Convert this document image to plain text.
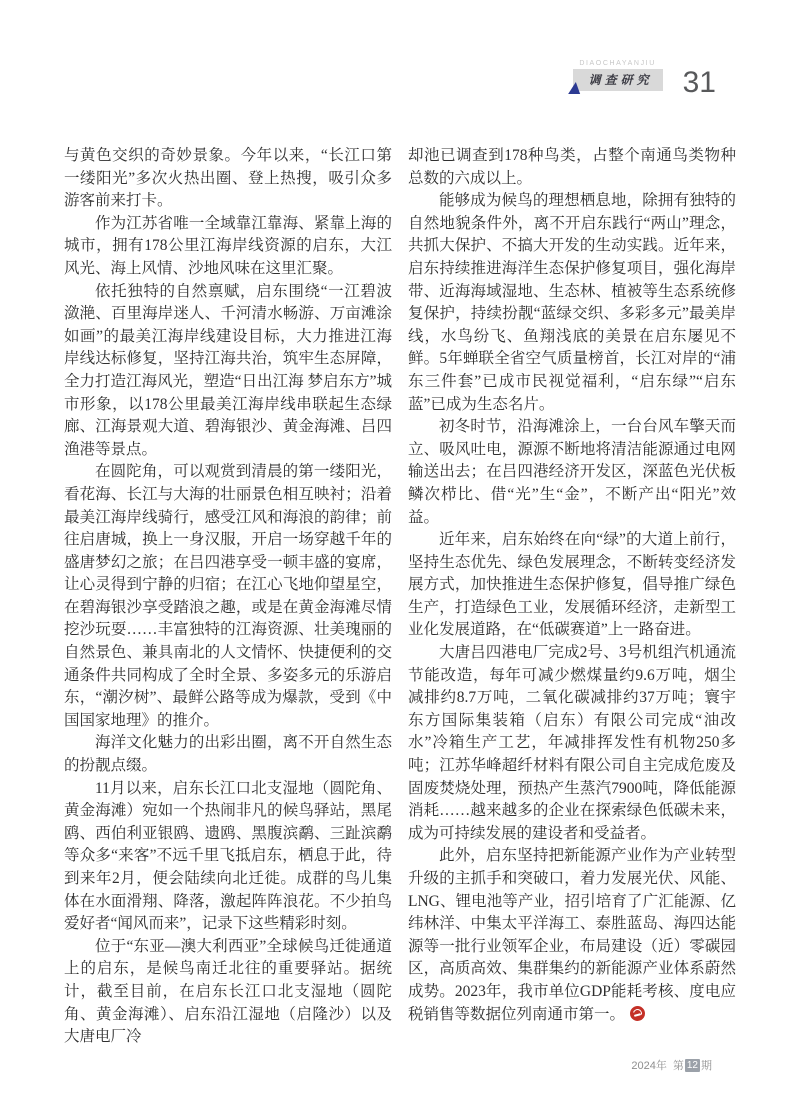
DIAOCHAYANJIU
调查研究	31

与黄色交织的奇妙景象。今年以来，“长江口第一缕阳光”多次火热出圈、登上热搜，吸引众多游客前来打卡。

作为江苏省唯一全域靠江靠海、紧靠上海的城市，拥有178公里江海岸线资源的启东，大江风光、海上风情、沙地风味在这里汇聚。

依托独特的自然禀赋，启东围绕“一江碧波潋滟、百里海岸迷人、千河清水畅游、万亩滩涂如画”的最美江海岸线建设目标，大力推进江海岸线达标修复，坚持江海共治，筑牢生态屏障，全力打造江海风光，塑造“日出江海 梦启东方”城市形象，以178公里最美江海岸线串联起生态绿廊、江海景观大道、碧海银沙、黄金海滩、吕四渔港等景点。

在圆陀角，可以观赏到清晨的第一缕阳光，看花海、长江与大海的壮丽景色相互映衬；沿着最美江海岸线骑行，感受江风和海浪的韵律；前往启唐城，换上一身汉服，开启一场穿越千年的盛唐梦幻之旅；在吕四港享受一顿丰盛的宴席，让心灵得到宁静的归宿；在江心飞地仰望星空，在碧海银沙享受踏浪之趣，或是在黄金海滩尽情挖沙玩耍……丰富独特的江海资源、壮美瑰丽的自然景色、兼具南北的人文情怀、快捷便利的交通条件共同构成了全时全景、多姿多元的乐游启东，“潮汐树”、最鲜公路等成为爆款，受到《中国国家地理》的推介。

海洋文化魅力的出彩出圈，离不开自然生态的扮靓点缀。

11月以来，启东长江口北支湿地（圆陀角、黄金海滩）宛如一个热闹非凡的候鸟驿站，黑尾鸥、西伯利亚银鸥、遗鸥、黑腹滨鹬、三趾滨鹬等众多“来客”不远千里飞抵启东，栖息于此，待到来年2月，便会陆续向北迁徙。成群的鸟儿集体在水面滑翔、降落，激起阵阵浪花。不少拍鸟爱好者“闻风而来”，记录下这些精彩时刻。

位于“东亚—澳大利西亚”全球候鸟迁徙通道上的启东，是候鸟南迁北往的重要驿站。据统计，截至目前，在启东长江口北支湿地（圆陀角、黄金海滩）、启东沿江湿地（启隆沙）以及大唐电厂冷

却池已调查到178种鸟类，占整个南通鸟类物种总数的六成以上。

能够成为候鸟的理想栖息地，除拥有独特的自然地貌条件外，离不开启东践行“两山”理念，共抓大保护、不搞大开发的生动实践。近年来，启东持续推进海洋生态保护修复项目，强化海岸带、近海海域湿地、生态林、植被等生态系统修复保护，持续扮靓“蓝绿交织、多彩多元”最美岸线，水鸟纷飞、鱼翔浅底的美景在启东屡见不鲜。5年蝉联全省空气质量榜首，长江对岸的“浦东三件套”已成市民视觉福利，“启东绿”“启东蓝”已成为生态名片。

初冬时节，沿海滩涂上，一台台风车擎天而立、吸风吐电，源源不断地将清洁能源通过电网输送出去；在吕四港经济开发区，深蓝色光伏板鳞次栉比、借“光”生“金”，不断产出“阳光”效益。

近年来，启东始终在向“绿”的大道上前行，坚持生态优先、绿色发展理念，不断转变经济发展方式，加快推进生态保护修复，倡导推广绿色生产，打造绿色工业，发展循环经济，走新型工业化发展道路，在“低碳赛道”上一路奋进。

大唐吕四港电厂完成2号、3号机组汽机通流节能改造，每年可减少燃煤量约9.6万吨，烟尘减排约8.7万吨，二氧化碳减排约37万吨；寰宇东方国际集装箱（启东）有限公司完成“油改水”冷箱生产工艺，年减排挥发性有机物250多吨；江苏华峰超纤材料有限公司自主完成危废及固废焚烧处理，预热产生蒸汽7900吨，降低能源消耗……越来越多的企业在探索绿色低碳未来，成为可持续发展的建设者和受益者。

此外，启东坚持把新能源产业作为产业转型升级的主抓手和突破口，着力发展光伏、风能、LNG、锂电池等产业，招引培育了广汇能源、亿纬林洋、中集太平洋海工、泰胜蓝岛、海四达能源等一批行业领军企业，布局建设（近）零碳园区，高质高效、集群集约的新能源产业体系蔚然成势。2023年，我市单位GDP能耗考核、度电应税销售等数据位列南通市第一。

2024年 第 12 期
